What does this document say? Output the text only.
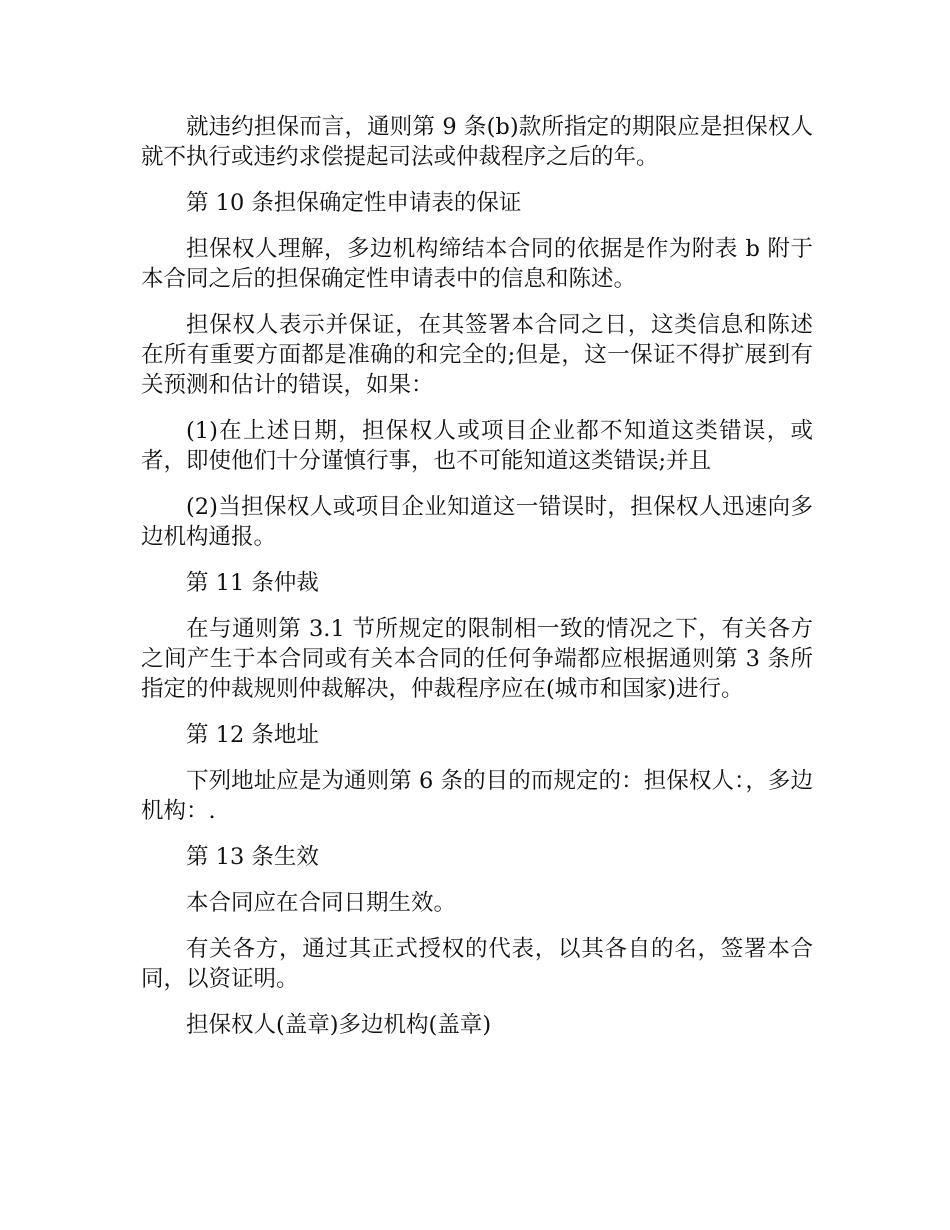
就违约担保而言，通则第 9 条(b)款所指定的期限应是担保权人就不执行或违约求偿提起司法或仲裁程序之后的年。

第 10 条担保确定性申请表的保证

担保权人理解，多边机构缔结本合同的依据是作为附表 b 附于本合同之后的担保确定性申请表中的信息和陈述。

担保权人表示并保证，在其签署本合同之日，这类信息和陈述在所有重要方面都是准确的和完全的;但是，这一保证不得扩展到有关预测和估计的错误，如果：

(1)在上述日期，担保权人或项目企业都不知道这类错误，或者，即使他们十分谨慎行事，也不可能知道这类错误;并且

(2)当担保权人或项目企业知道这一错误时，担保权人迅速向多边机构通报。

第 11 条仲裁

在与通则第 3.1 节所规定的限制相一致的情况之下，有关各方之间产生于本合同或有关本合同的任何争端都应根据通则第 3 条所指定的仲裁规则仲裁解决，仲裁程序应在(城市和国家)进行。

第 12 条地址

下列地址应是为通则第 6 条的目的而规定的：担保权人：，多边机构：.

第 13 条生效

本合同应在合同日期生效。

有关各方，通过其正式授权的代表，以其各自的名，签署本合同，以资证明。

担保权人(盖章)多边机构(盖章)
